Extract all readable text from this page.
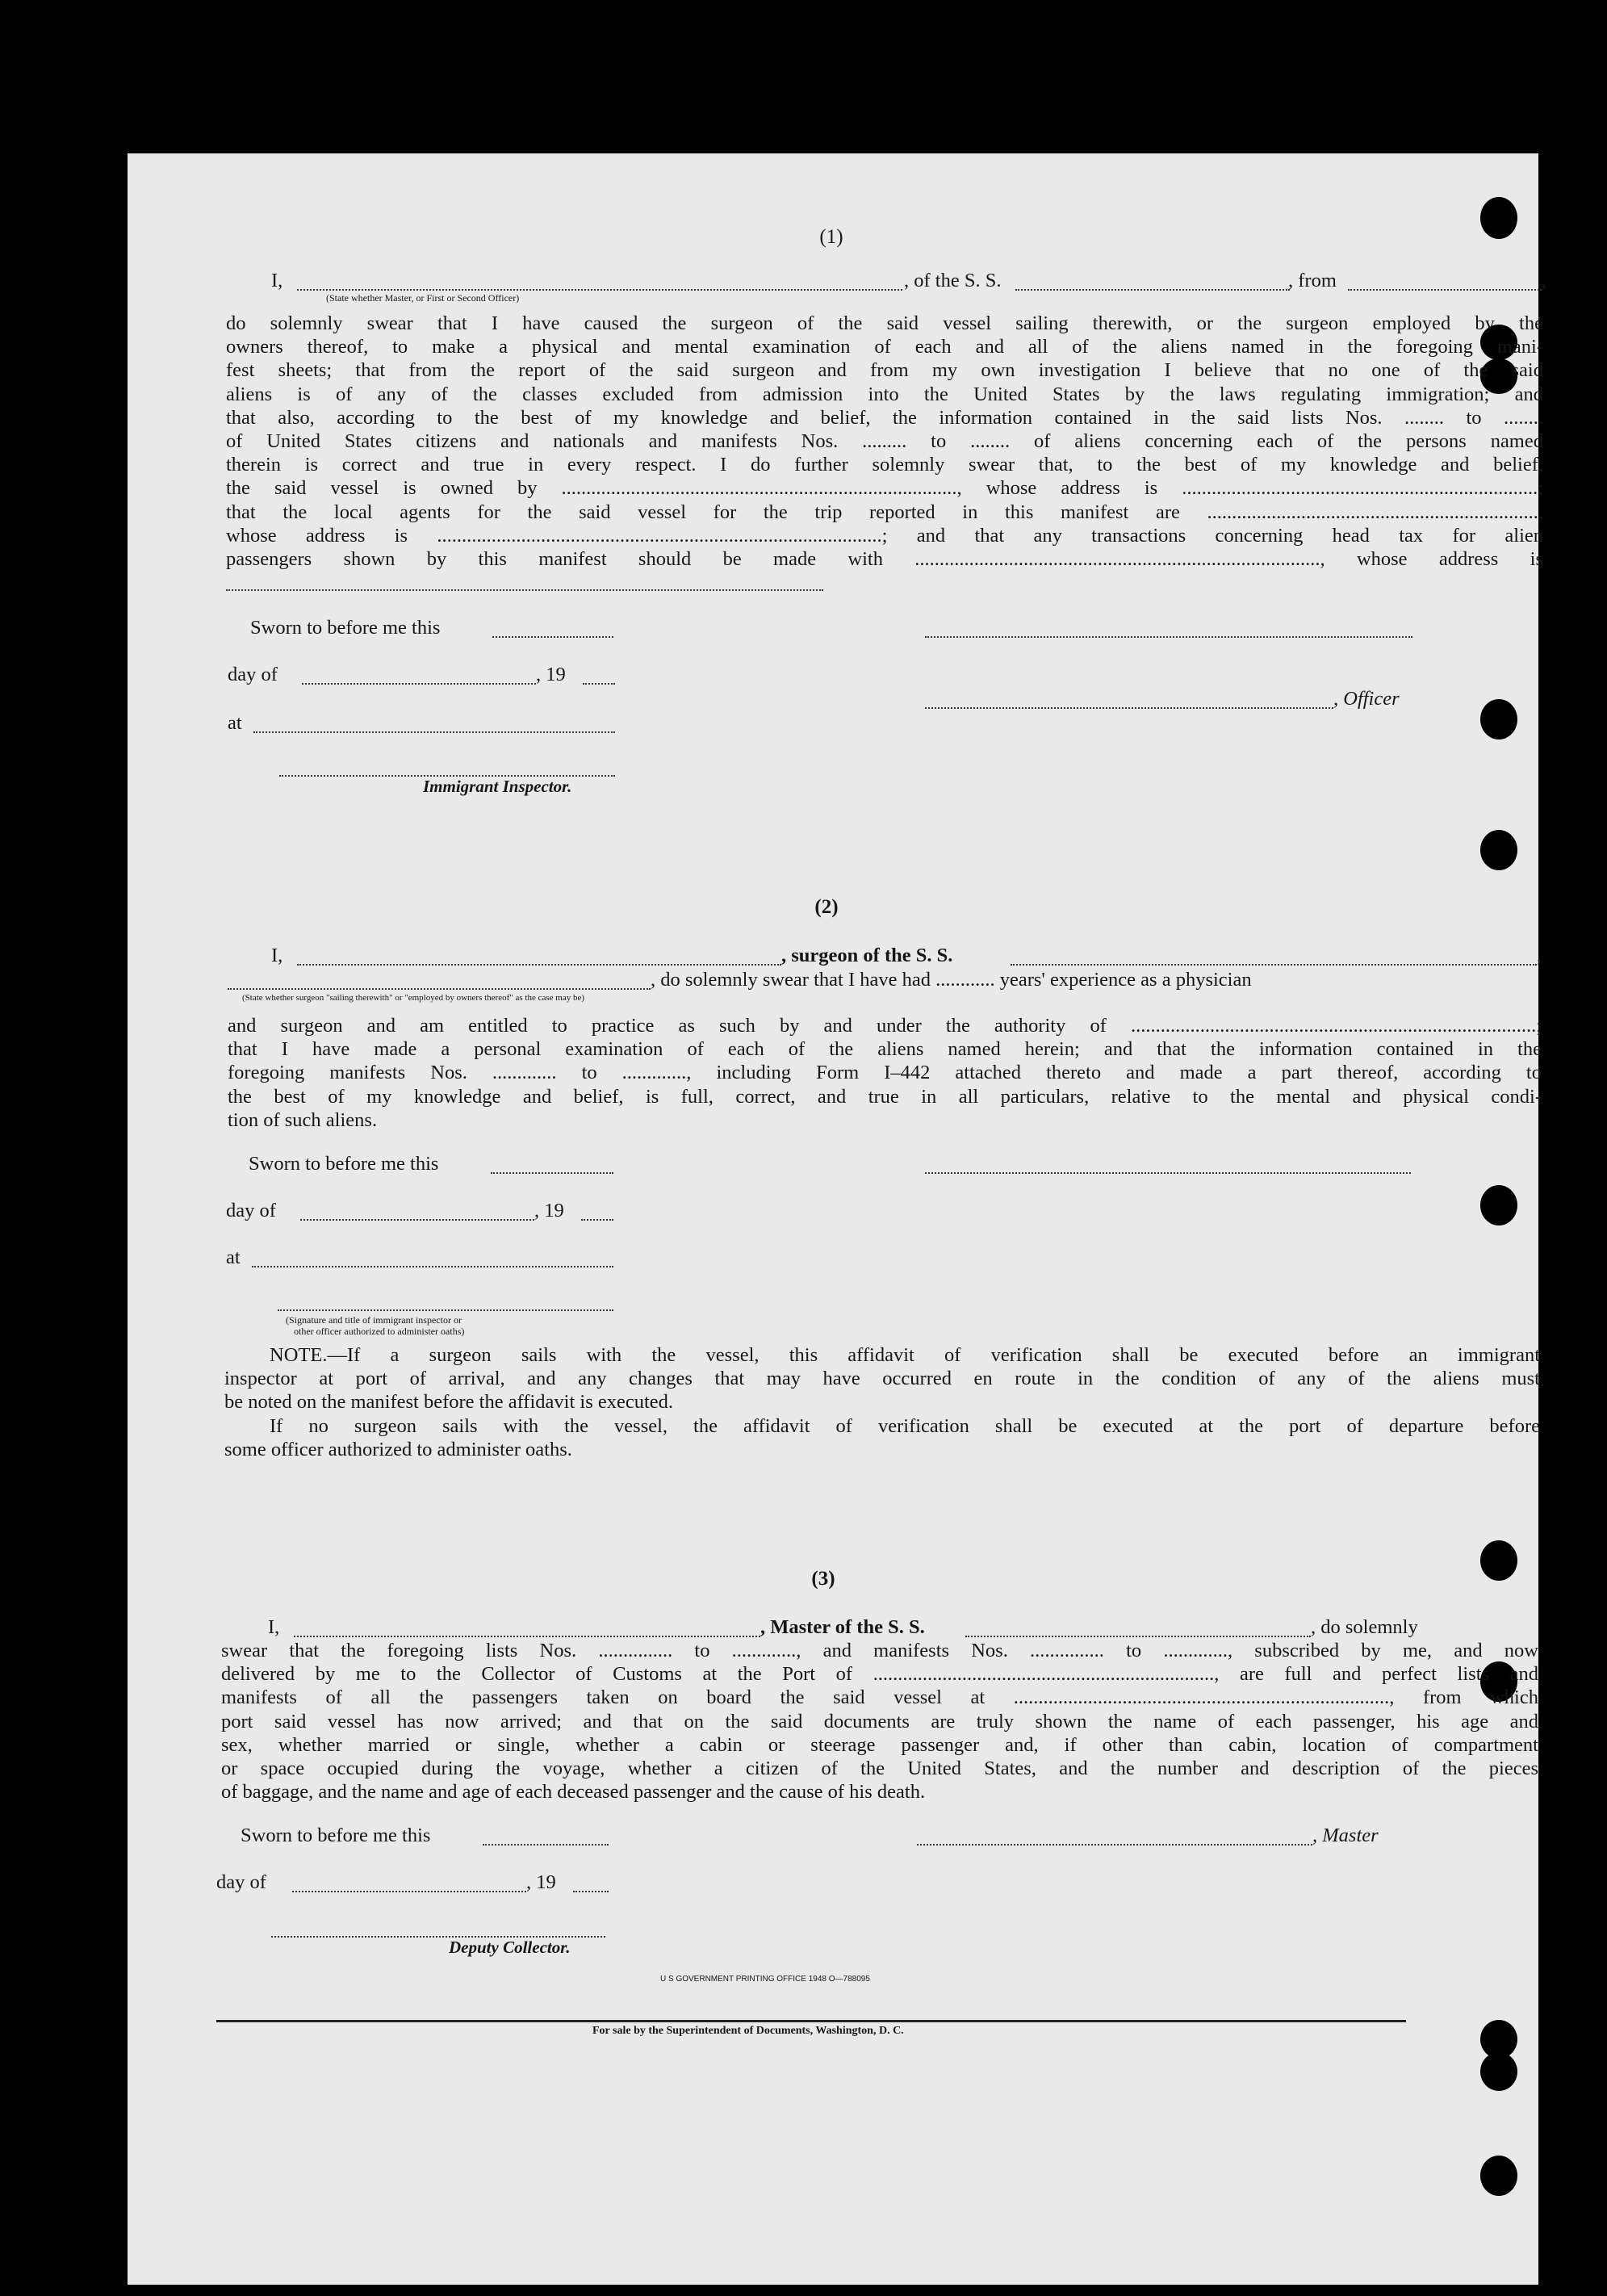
(1)
I,	, of the S. S.	, from	,
(State whether Master, or First or Second Officer)
do solemnly swear that I have caused the surgeon of the said vessel sailing therewith, or the surgeon employed by the
owners thereof, to make a physical and mental examination of each and all of the aliens named in the foregoing mani-
fest sheets; that from the report of the said surgeon and from my own investigation I believe that no one of the said
aliens is of any of the classes excluded from admission into the United States by the laws regulating immigration; and
that also, according to the best of my knowledge and belief, the information contained in the said lists Nos. ........ to ........
of United States citizens and nationals and manifests Nos. ......... to ........ of aliens concerning each of the persons named
therein is correct and true in every respect. I do further solemnly swear that, to the best of my knowledge and belief,
the said vessel is owned by ................................................................................, whose address is ........................................................................;
that the local agents for the said vessel for the trip reported in this manifest are ...................................................................,
whose address is ..........................................................................................; and that any transactions concerning head tax for alien
passengers shown by this manifest should be made with .................................................................................., whose address is
Sworn to before me this
day of	, 19
, Officer
at
Immigrant Inspector.
(2)
I,	, surgeon of the S. S.	,
, do solemnly swear that I have had ............ years' experience as a physician
(State whether surgeon "sailing therewith" or "employed by owners thereof" as the case may be)
and surgeon and am entitled to practice as such by and under the authority of ..................................................................................;
that I have made a personal examination of each of the aliens named herein; and that the information contained in the
foregoing manifests Nos. ............. to ............., including Form I–442 attached thereto and made a part thereof, according to
the best of my knowledge and belief, is full, correct, and true in all particulars, relative to the mental and physical condi-
tion of such aliens.
Sworn to before me this
day of	, 19
at
(Signature and title of immigrant inspector or
other officer authorized to administer oaths)
NOTE.—If a surgeon sails with the vessel, this affidavit of verification shall be executed before an immigrant
inspector at port of arrival, and any changes that may have occurred en route in the condition of any of the aliens must
be noted on the manifest before the affidavit is executed.
If no surgeon sails with the vessel, the affidavit of verification shall be executed at the port of departure before
some officer authorized to administer oaths.
(3)
I,	, Master of the S. S.	, do solemnly
swear that the foregoing lists Nos. ............... to ............., and manifests Nos. ............... to ............., subscribed by me, and now
delivered by me to the Collector of Customs at the Port of ....................................................................., are full and perfect lists and
manifests of all the passengers taken on board the said vessel at ............................................................................, from which
port said vessel has now arrived; and that on the said documents are truly shown the name of each passenger, his age and
sex, whether married or single, whether a cabin or steerage passenger and, if other than cabin, location of compartment
or space occupied during the voyage, whether a citizen of the United States, and the number and description of the pieces
of baggage, and the name and age of each deceased passenger and the cause of his death.
Sworn to before me this	, Master
day of	, 19
Deputy Collector.
U S GOVERNMENT PRINTING OFFICE 1948 O—788095
For sale by the Superintendent of Documents, Washington, D. C.
